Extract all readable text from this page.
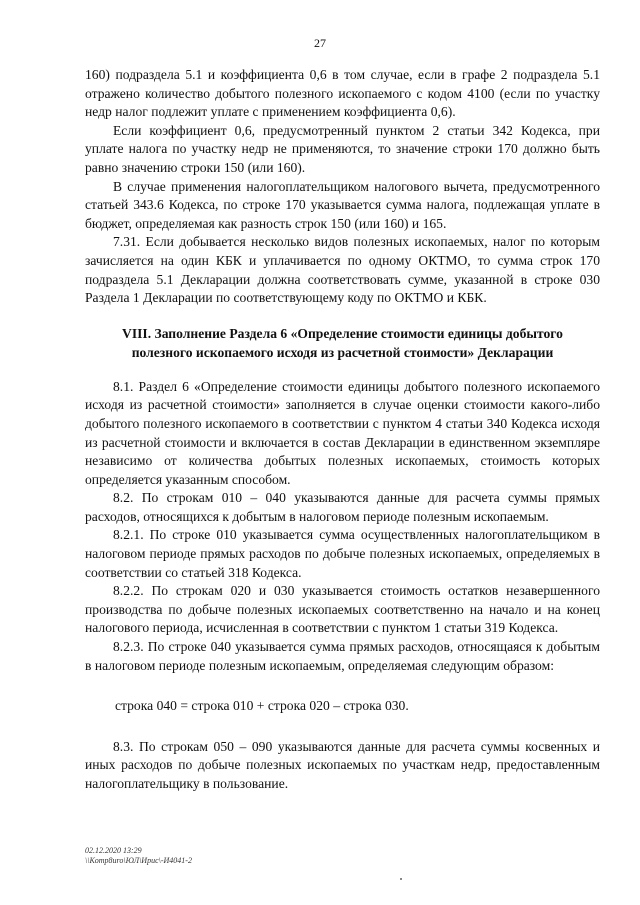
27

160) подраздела 5.1 и коэффициента 0,6 в том случае, если в графе 2 подраздела 5.1 отражено количество добытого полезного ископаемого с кодом 4100 (если по участку недр налог подлежит уплате с применением коэффициента 0,6).

Если коэффициент 0,6, предусмотренный пунктом 2 статьи 342 Кодекса, при уплате налога по участку недр не применяются, то значение строки 170 должно быть равно значению строки 150 (или 160).

В случае применения налогоплательщиком налогового вычета, предусмотренного статьей 343.6 Кодекса, по строке 170 указывается сумма налога, подлежащая уплате в бюджет, определяемая как разность строк 150 (или 160) и 165.

7.31. Если добывается несколько видов полезных ископаемых, налог по которым зачисляется на один КБК и уплачивается по одному ОКТМО, то сумма строк 170 подраздела 5.1 Декларации должна соответствовать сумме, указанной в строке 030 Раздела 1 Декларации по соответствующему коду по ОКТМО и КБК.

VIII. Заполнение Раздела 6 «Определение стоимости единицы добытого полезного ископаемого исходя из расчетной стоимости» Декларации

8.1. Раздел 6 «Определение стоимости единицы добытого полезного ископаемого исходя из расчетной стоимости» заполняется в случае оценки стоимости какого-либо добытого полезного ископаемого в соответствии с пунктом 4 статьи 340 Кодекса исходя из расчетной стоимости и включается в состав Декларации в единственном экземпляре независимо от количества добытых полезных ископаемых, стоимость которых определяется указанным способом.

8.2. По строкам 010 – 040 указываются данные для расчета суммы прямых расходов, относящихся к добытым в налоговом периоде полезным ископаемым.

8.2.1. По строке 010 указывается сумма осуществленных налогоплательщиком в налоговом периоде прямых расходов по добыче полезных ископаемых, определяемых в соответствии со статьей 318 Кодекса.

8.2.2. По строкам 020 и 030 указывается стоимость остатков незавершенного производства по добыче полезных ископаемых соответственно на начало и на конец налогового периода, исчисленная в соответствии с пунктом 1 статьи 319 Кодекса.

8.2.3. По строке 040 указывается сумма прямых расходов, относящаяся к добытым в налоговом периоде полезным ископаемым, определяемая следующим образом:

строка 040 = строка 010 + строка 020 – строка 030.

8.3. По строкам 050 – 090 указываются данные для расчета суммы косвенных и иных расходов по добыче полезных ископаемых по участкам недр, предоставленным налогоплательщику в пользование.

02.12.2020 13:29
\\Komp8uro\ЮЛ\Ирис\-И4041-2
